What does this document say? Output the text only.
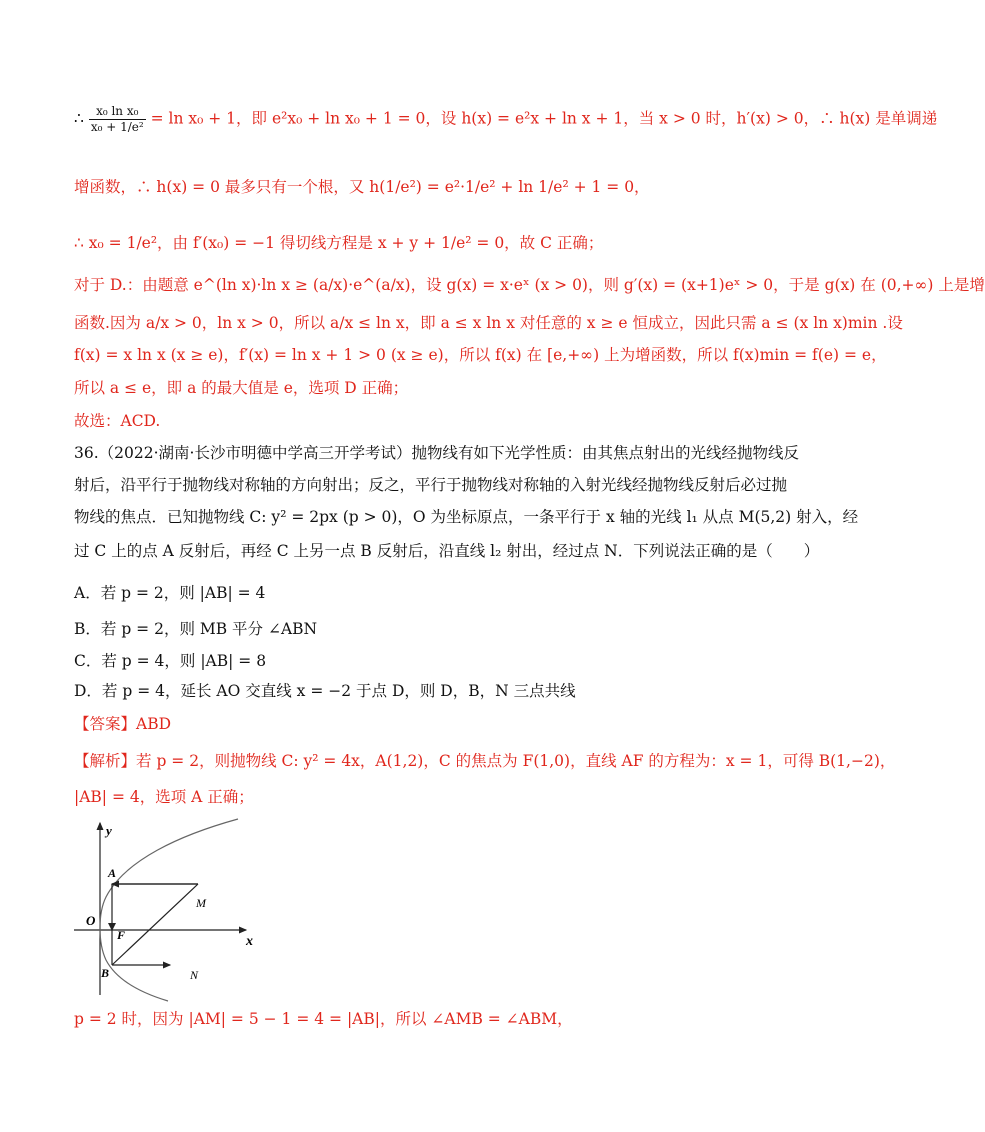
∴ $\frac{\text{x₀ ln x₀}}{\text{x₀ + 1/e²}} = \ln x_0 + 1$，即 e²x₀ + ln x₀ + 1 = 0，设 h(x) = e²x + ln x + 1，当 x > 0 时，h′(x) > 0，∴ h(x) 是单调递
增函数，∴ h(x) = 0 最多只有一个根，又 h(1/e²) = e²·1/e² + ln 1/e² + 1 = 0，
∴ x₀ = 1/e²，由 f′(x₀) = −1 得切线方程是 x + y + 1/e² = 0，故 C 正确；
对于 D.：由题意 e^(ln x)·ln x ≥ (a/x)·e^(a/x)，设 g(x) = x·eˣ (x > 0)，则 g′(x) = (x+1)eˣ > 0，于是 g(x) 在 (0,+∞) 上是增
函数.因为 a/x > 0，ln x > 0，所以 a/x ≤ ln x，即 a ≤ x ln x 对任意的 x ≥ e 恒成立，因此只需 a ≤ (x ln x)min .设
f(x) = x ln x (x ≥ e)，f′(x) = ln x + 1 > 0 (x ≥ e)，所以 f(x) 在 [e,+∞) 上为增函数，所以 f(x)min = f(e) = e，
所以 a ≤ e，即 a 的最大值是 e，选项 D 正确；
故选：ACD.
36.（2022·湖南·长沙市明德中学高三开学考试）抛物线有如下光学性质：由其焦点射出的光线经抛物线反
射后，沿平行于抛物线对称轴的方向射出；反之，平行于抛物线对称轴的入射光线经抛物线反射后必过抛
物线的焦点．已知抛物线 C: y² = 2px (p > 0)，O 为坐标原点，一条平行于 x 轴的光线 l₁ 从点 M(5,2) 射入，经
过 C 上的点 A 反射后，再经 C 上另一点 B 反射后，沿直线 l₂ 射出，经过点 N．下列说法正确的是（　　）
A．若 p = 2，则 |AB| = 4
B．若 p = 2，则 MB 平分 ∠ABN
C．若 p = 4，则 |AB| = 8
D．若 p = 4，延长 AO 交直线 x = −2 于点 D，则 D，B，N 三点共线
【答案】ABD
【解析】若 p = 2，则抛物线 C: y² = 4x，A(1,2)，C 的焦点为 F(1,0)，直线 AF 的方程为：x = 1，可得 B(1,−2)，
|AB| = 4，选项 A 正确；
y
x
O
A
M
F
B	N
p = 2 时，因为 |AM| = 5 − 1 = 4 = |AB|，所以 ∠AMB = ∠ABM，
